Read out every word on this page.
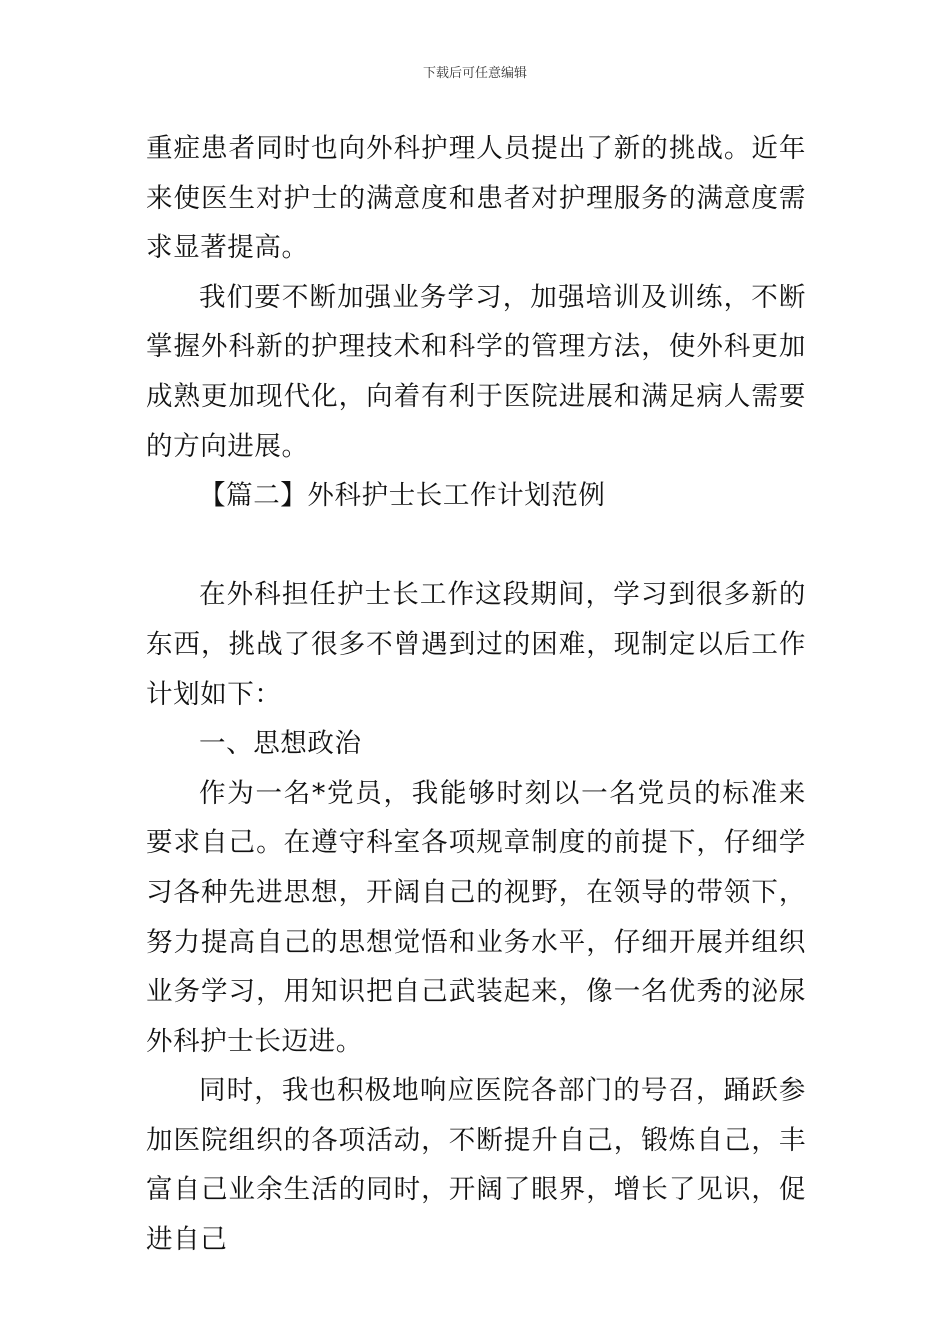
下载后可任意编辑

重症患者同时也向外科护理人员提出了新的挑战。近年来使医生对护士的满意度和患者对护理服务的满意度需求显著提高。

我们要不断加强业务学习，加强培训及训练，不断掌握外科新的护理技术和科学的管理方法，使外科更加成熟更加现代化，向着有利于医院进展和满足病人需要的方向进展。

【篇二】外科护士长工作计划范例

在外科担任护士长工作这段期间，学习到很多新的东西，挑战了很多不曾遇到过的困难，现制定以后工作计划如下：

一、思想政治

作为一名*党员，我能够时刻以一名党员的标准来要求自己。在遵守科室各项规章制度的前提下，仔细学习各种先进思想，开阔自己的视野，在领导的带领下，努力提高自己的思想觉悟和业务水平，仔细开展并组织业务学习，用知识把自己武装起来，像一名优秀的泌尿外科护士长迈进。

同时，我也积极地响应医院各部门的号召，踊跃参加医院组织的各项活动，不断提升自己，锻炼自己，丰富自己业余生活的同时，开阔了眼界，增长了见识，促进自己
